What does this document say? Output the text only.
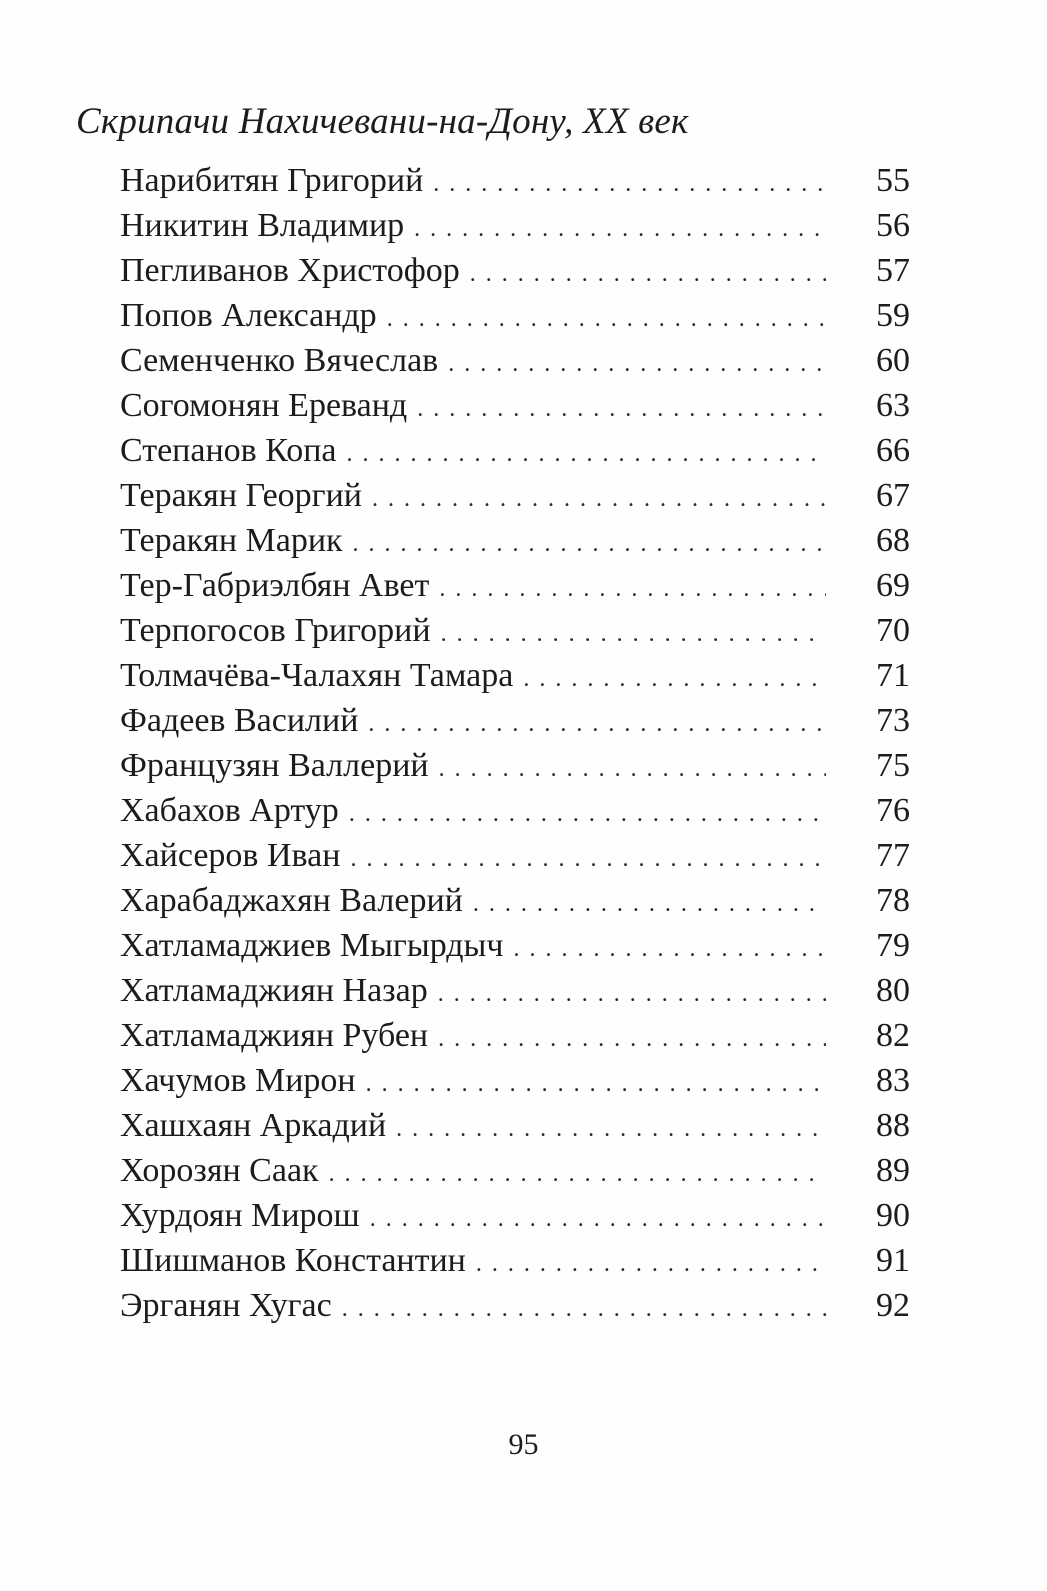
Скрипачи Нахичевани-на-Дону, XX век
Нарибитян Григорий . . .	55
Никитин Владимир . . .	56
Пегливанов Христофор . . .	57
Попов Александр . . .	59
Семенченко Вячеслав . . .	60
Согомонян Ереванд . . .	63
Степанов Копа . . .	66
Теракян Георгий . . .	67
Теракян Марик . . .	68
Тер-Габриэлбян Авет . . .	69
Терпогосов Григорий . . .	70
Толмачёва-Чалахян Тамара . . .	71
Фадеев Василий . . .	73
Французян Валлерий . . .	75
Хабахов Артур . . .	76
Хайсеров Иван . . .	77
Харабаджахян Валерий . . .	78
Хатламаджиев Мыгырдыч . . .	79
Хатламаджиян Назар . . .	80
Хатламаджиян Рубен . . .	82
Хачумов Мирон . . .	83
Хашхаян Аркадий . . .	88
Хорозян Саак . . .	89
Хурдоян Мирош . . .	90
Шишманов Константин . . .	91
Эрганян Хугас . . .	92
95
